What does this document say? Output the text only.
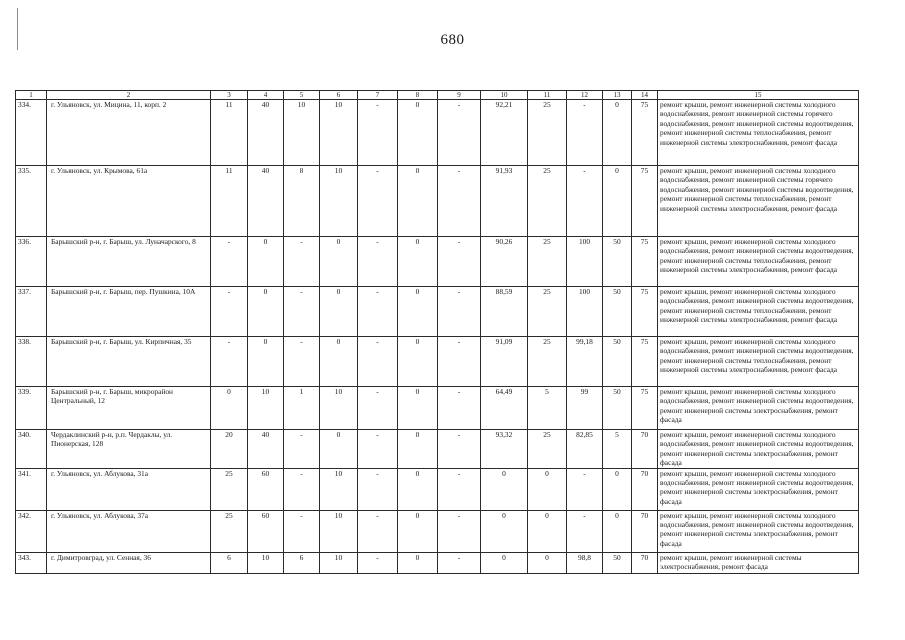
680
1	2	3	4	5	6	7	8	9	10	11	12	13	14	15
334.	г. Ульяновск, ул. Мицина, 11, корп. 2	11	40	10	10	-	0	-	92,21	25	-	0	75	ремонт крыши, ремонт инженерной системы холодного водоснабжения, ремонт инженерной системы горячего водоснабжения, ремонт инженерной системы водоотведения, ремонт инженерной системы теплоснабжения, ремонт инженерной системы электроснабжения, ремонт фасада
335.	г. Ульяновск, ул. Крымова, 61а	11	40	8	10	-	0	-	91,93	25	-	0	75	ремонт крыши, ремонт инженерной системы холодного водоснабжения, ремонт инженерной системы горячего водоснабжения, ремонт инженерной системы водоотведения, ремонт инженерной системы теплоснабжения, ремонт инженерной системы электроснабжения, ремонт фасада
336.	Барышский р-н, г. Барыш, ул. Луначарского, 8	-	0	-	0	-	0	-	90,26	25	100	50	75	ремонт крыши, ремонт инженерной системы холодного водоснабжения, ремонт инженерной системы водоотведения, ремонт инженерной системы теплоснабжения, ремонт инженерной системы электроснабжения, ремонт фасада
337.	Барышский р-н, г. Барыш, пер. Пушкина, 10А	-	0	-	0	-	0	-	88,59	25	100	50	75	ремонт крыши, ремонт инженерной системы холодного водоснабжения, ремонт инженерной системы водоотведения, ремонт инженерной системы теплоснабжения, ремонт инженерной системы электроснабжения, ремонт фасада
338.	Барышский р-н, г. Барыш, ул. Кирпичная, 35	-	0	-	0	-	0	-	91,09	25	99,18	50	75	ремонт крыши, ремонт инженерной системы холодного водоснабжения, ремонт инженерной системы водоотведения, ремонт инженерной системы теплоснабжения, ремонт инженерной системы электроснабжения, ремонт фасада
339.	Барышский р-н, г. Барыш, микрорайон Центральный, 12	0	10	1	10	-	0	-	64,49	5	99	50	75	ремонт крыши, ремонт инженерной системы холодного водоснабжения, ремонт инженерной системы водоотведения, ремонт инженерной системы электроснабжения, ремонт фасада
340.	Чердаклинский р-н, р.п. Чердаклы, ул. Пионерская, 128	20	40	-	0	-	0	-	93,32	25	82,85	5	70	ремонт крыши, ремонт инженерной системы холодного водоснабжения, ремонт инженерной системы водоотведения, ремонт инженерной системы электроснабжения, ремонт фасада
341.	г. Ульяновск, ул. Аблукова, 31а	25	60	-	10	-	0	-	0	0	-	0	70	ремонт крыши, ремонт инженерной системы холодного водоснабжения, ремонт инженерной системы водоотведения, ремонт инженерной системы электроснабжения, ремонт фасада
342.	г. Ульяновск, ул. Аблукова, 37а	25	60	-	10	-	0	-	0	0	-	0	70	ремонт крыши, ремонт инженерной системы холодного водоснабжения, ремонт инженерной системы водоотведения, ремонт инженерной системы электроснабжения, ремонт фасада
343.	г. Димитровград, ул. Сенная, 36	6	10	6	10	-	0	-	0	0	98,8	50	70	ремонт крыши, ремонт инженерной системы электроснабжения, ремонт фасада
